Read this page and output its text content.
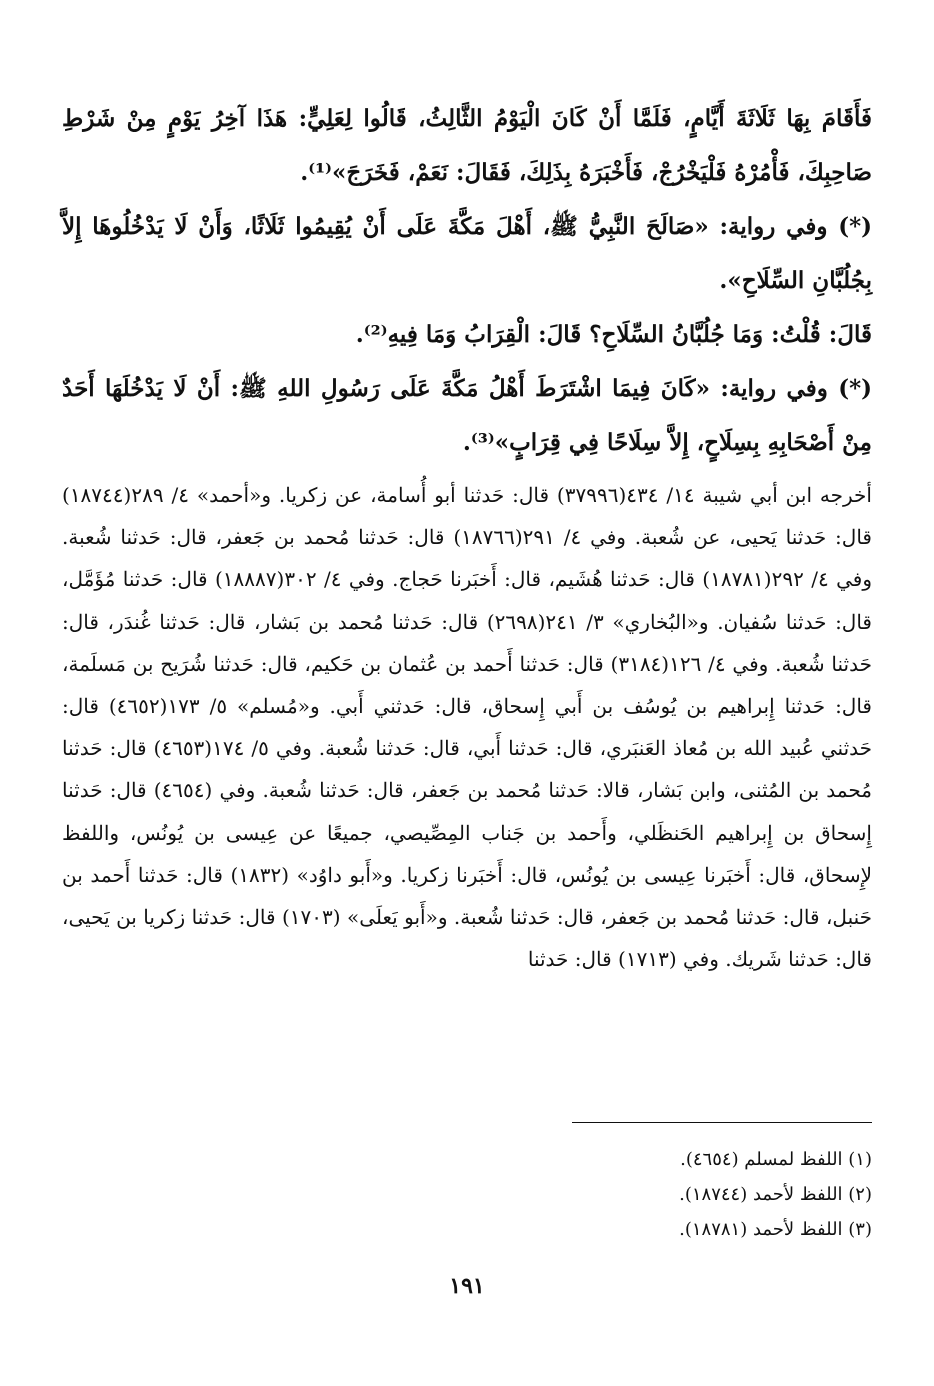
فَأَقَامَ بِهَا ثَلَاثَةَ أَيَّامٍ، فَلَمَّا أَنْ كَانَ الْيَوْمُ الثَّالِثُ، قَالُوا لِعَلِيٍّ: هَذَا آخِرُ يَوْمٍ مِنْ شَرْطِ صَاحِبِكَ، فَأْمُرْهُ فَلْيَخْرُجْ، فَأَخْبَرَهُ بِذَلِكَ، فَقَالَ: نَعَمْ، فَخَرَجَ»⁽¹⁾.

(*) وفي رواية: «صَالَحَ النَّبِيُّ ﷺ، أَهْلَ مَكَّةَ عَلَى أَنْ يُقِيمُوا ثَلَاثًا، وَأَنْ لَا يَدْخُلُوهَا إِلاَّ بِجُلُبَّانِ السِّلَاحِ».

قَالَ: قُلْتُ: وَمَا جُلُبَّانُ السِّلَاحِ؟ قَالَ: الْقِرَابُ وَمَا فِيهِ⁽²⁾.

(*) وفي رواية: «كَانَ فِيمَا اشْتَرَطَ أَهْلُ مَكَّةَ عَلَى رَسُولِ اللهِ ﷺ: أَنْ لَا يَدْخُلَهَا أَحَدٌ مِنْ أَصْحَابِهِ بِسِلَاحٍ، إِلاَّ سِلَاحًا فِي قِرَابٍ»⁽³⁾.

أخرجه ابن أبي شيبة ١٤/ ٤٣٤(٣٧٩٩٦) قال: حَدثنا أبو أُسامة، عن زكريا. و«أحمد» ٤/ ٢٨٩(١٨٧٤٤) قال: حَدثنا يَحيى، عن شُعبة. وفي ٤/ ٢٩١(١٨٧٦٦) قال: حَدثنا مُحمد بن جَعفر، قال: حَدثنا شُعبة. وفي ٤/ ٢٩٢(١٨٧٨١) قال: حَدثنا هُشَيم، قال: أَخبَرنا حَجاج. وفي ٤/ ٣٠٢(١٨٨٨٧) قال: حَدثنا مُؤَمَّل، قال: حَدثنا سُفيان. و«البُخاري» ٣/ ٢٤١(٢٦٩٨) قال: حَدثنا مُحمد بن بَشار، قال: حَدثنا غُندَر، قال: حَدثنا شُعبة. وفي ٤/ ١٢٦(٣١٨٤) قال: حَدثنا أَحمد بن عُثمان بن حَكيم، قال: حَدثنا شُرَيح بن مَسلَمة، قال: حَدثنا إِبراهيم بن يُوسُف بن أَبي إِسحاق، قال: حَدثني أَبي. و«مُسلم» ٥/ ١٧٣(٤٦٥٢) قال: حَدثني عُبيد الله بن مُعاذ العَنبَري، قال: حَدثنا أَبي، قال: حَدثنا شُعبة. وفي ٥/ ١٧٤(٤٦٥٣) قال: حَدثنا مُحمد بن المُثنى، وابن بَشار، قالا: حَدثنا مُحمد بن جَعفر، قال: حَدثنا شُعبة. وفي (٤٦٥٤) قال: حَدثنا إِسحاق بن إِبراهيم الحَنظَلي، وأَحمد بن جَناب المِصِّيصي، جميعًا عن عِيسى بن يُونُس، واللفظ لإِسحاق، قال: أَخبَرنا عِيسى بن يُونُس، قال: أَخبَرنا زكريا. و«أَبو داوُد» (١٨٣٢) قال: حَدثنا أَحمد بن حَنبل، قال: حَدثنا مُحمد بن جَعفر، قال: حَدثنا شُعبة. و«أَبو يَعلَى» (١٧٠٣) قال: حَدثنا زكريا بن يَحيى، قال: حَدثنا شَريك. وفي (١٧١٣) قال: حَدثنا

(١) اللفظ لمسلم (٤٦٥٤).
(٢) اللفظ لأحمد (١٨٧٤٤).
(٣) اللفظ لأحمد (١٨٧٨١).
١٩١
